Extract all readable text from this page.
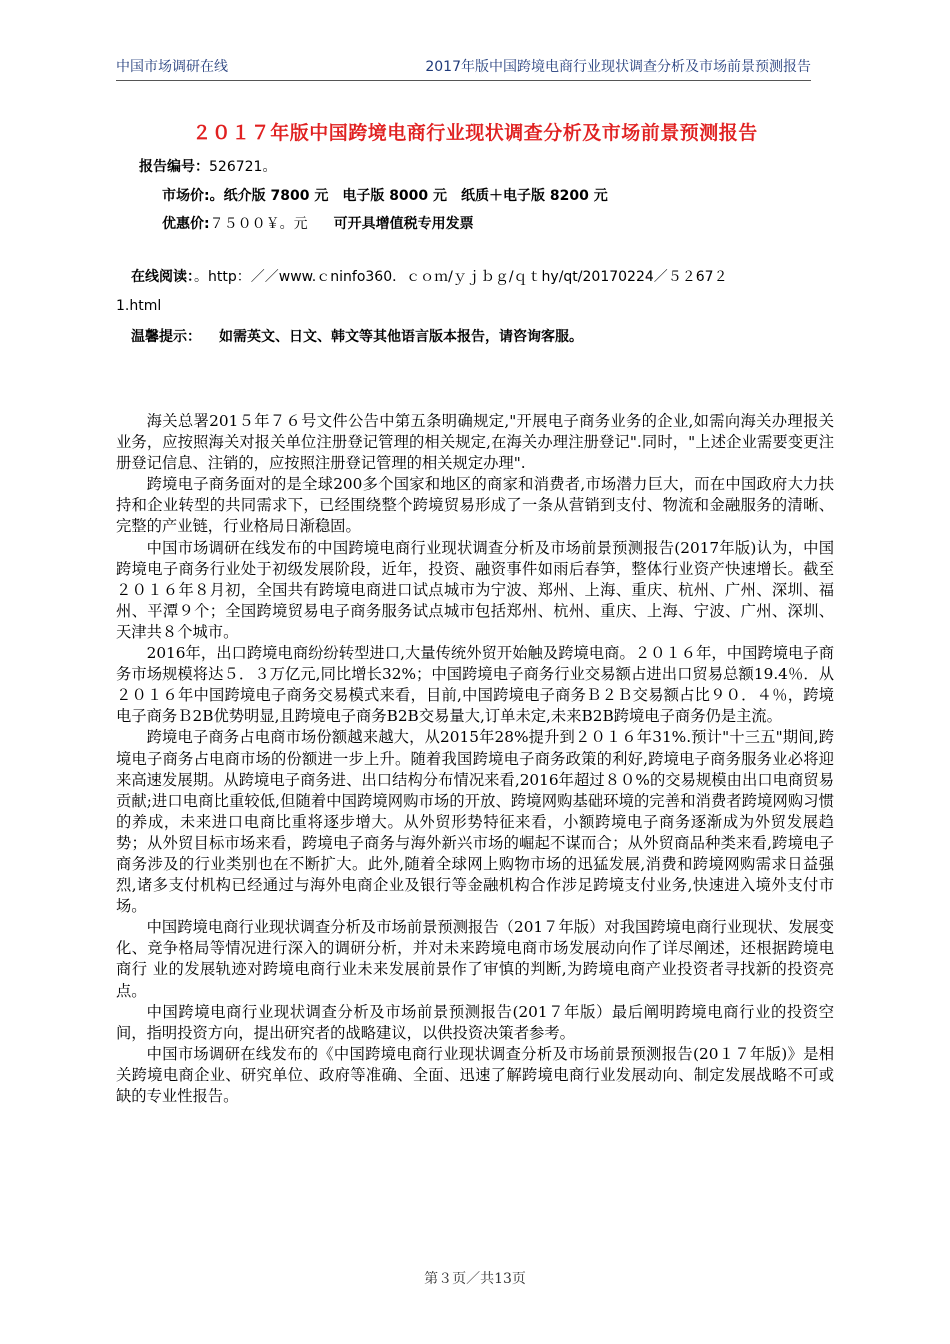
中国市场调研在线	2017年版中国跨境电商行业现状调查分析及市场前景预测报告
２０１７年版中国跨境电商行业现状调查分析及市场前景预测报告
报告编号：526721。
市场价:。纸介版 7800 元　电子版 8000 元　纸质＋电子版 8200 元
优惠价:７５００￥。元 可开具增值税专用发票
在线阅读：。http：／／www.ｃninfo360．ｃｏｍ/ｙｊｂｇ/ｑｔhy/qt/20170224／５２67２
1.html
温馨提示： 如需英文、日文、韩文等其他语言版本报告，请咨询客服。

海关总署201５年７６号文件公告中第五条明确规定,"开展电子商务业务的企业,如需向海关办理报关业务，应按照海关对报关单位注册登记管理的相关规定,在海关办理注册登记".同时，"上述企业需要变更注册登记信息、注销的，应按照注册登记管理的相关规定办理".

跨境电子商务面对的是全球200多个国家和地区的商家和消费者,市场潜力巨大，而在中国政府大力扶持和企业转型的共同需求下，已经围绕整个跨境贸易形成了一条从营销到支付、物流和金融服务的清晰、完整的产业链，行业格局日渐稳固。

中国市场调研在线发布的中国跨境电商行业现状调查分析及市场前景预测报告(2017年版)认为，中国跨境电子商务行业处于初级发展阶段，近年，投资、融资事件如雨后春笋，整体行业资产快速增长。截至２０１６年８月初，全国共有跨境电商进口试点城市为宁波、郑州、上海、重庆、杭州、广州、深圳、福州、平潭９个；全国跨境贸易电子商务服务试点城市包括郑州、杭州、重庆、上海、宁波、广州、深圳、天津共８个城市。

2016年，出口跨境电商纷纷转型进口,大量传统外贸开始触及跨境电商。２０１６年，中国跨境电子商务市场规模将达５．３万亿元,同比增长32%；中国跨境电子商务行业交易额占进出口贸易总额19.4％．从２０１６年中国跨境电子商务交易模式来看，目前,中国跨境电子商务Ｂ２Ｂ交易额占比９０．４％，跨境电子商务Ｂ2B优势明显,且跨境电子商务B2B交易量大,订单未定,未来B2B跨境电子商务仍是主流。

跨境电子商务占电商市场份额越来越大，从2015年28%提升到２０１６年31%.预计"十三五"期间,跨境电子商务占电商市场的份额进一步上升。随着我国跨境电子商务政策的利好,跨境电子商务服务业必将迎来高速发展期。从跨境电子商务进、出口结构分布情况来看,2016年超过８０%的交易规模由出口电商贸易贡献;进口电商比重较低,但随着中国跨境网购市场的开放、跨境网购基础环境的完善和消费者跨境网购习惯的养成，未来进口电商比重将逐步增大。从外贸形势特征来看，小额跨境电子商务逐渐成为外贸发展趋势；从外贸目标市场来看，跨境电子商务与海外新兴市场的崛起不谋而合；从外贸商品种类来看,跨境电子商务涉及的行业类别也在不断扩大。此外,随着全球网上购物市场的迅猛发展,消费和跨境网购需求日益强烈,诸多支付机构已经通过与海外电商企业及银行等金融机构合作涉足跨境支付业务,快速进入境外支付市场。

中国跨境电商行业现状调查分析及市场前景预测报告（201７年版）对我国跨境电商行业现状、发展变化、竞争格局等情况进行深入的调研分析，并对未来跨境电商市场发展动向作了详尽阐述，还根据跨境电商行 业的发展轨迹对跨境电商行业未来发展前景作了审慎的判断,为跨境电商产业投资者寻找新的投资亮点。

中国跨境电商行业现状调查分析及市场前景预测报告(201７年版）最后阐明跨境电商行业的投资空间，指明投资方向，提出研究者的战略建议，以供投资决策者参考。

中国市场调研在线发布的《中国跨境电商行业现状调查分析及市场前景预测报告(20１７年版)》是相关跨境电商企业、研究单位、政府等准确、全面、迅速了解跨境电商行业发展动向、制定发展战略不可或缺的专业性报告。

第３页／共13页
